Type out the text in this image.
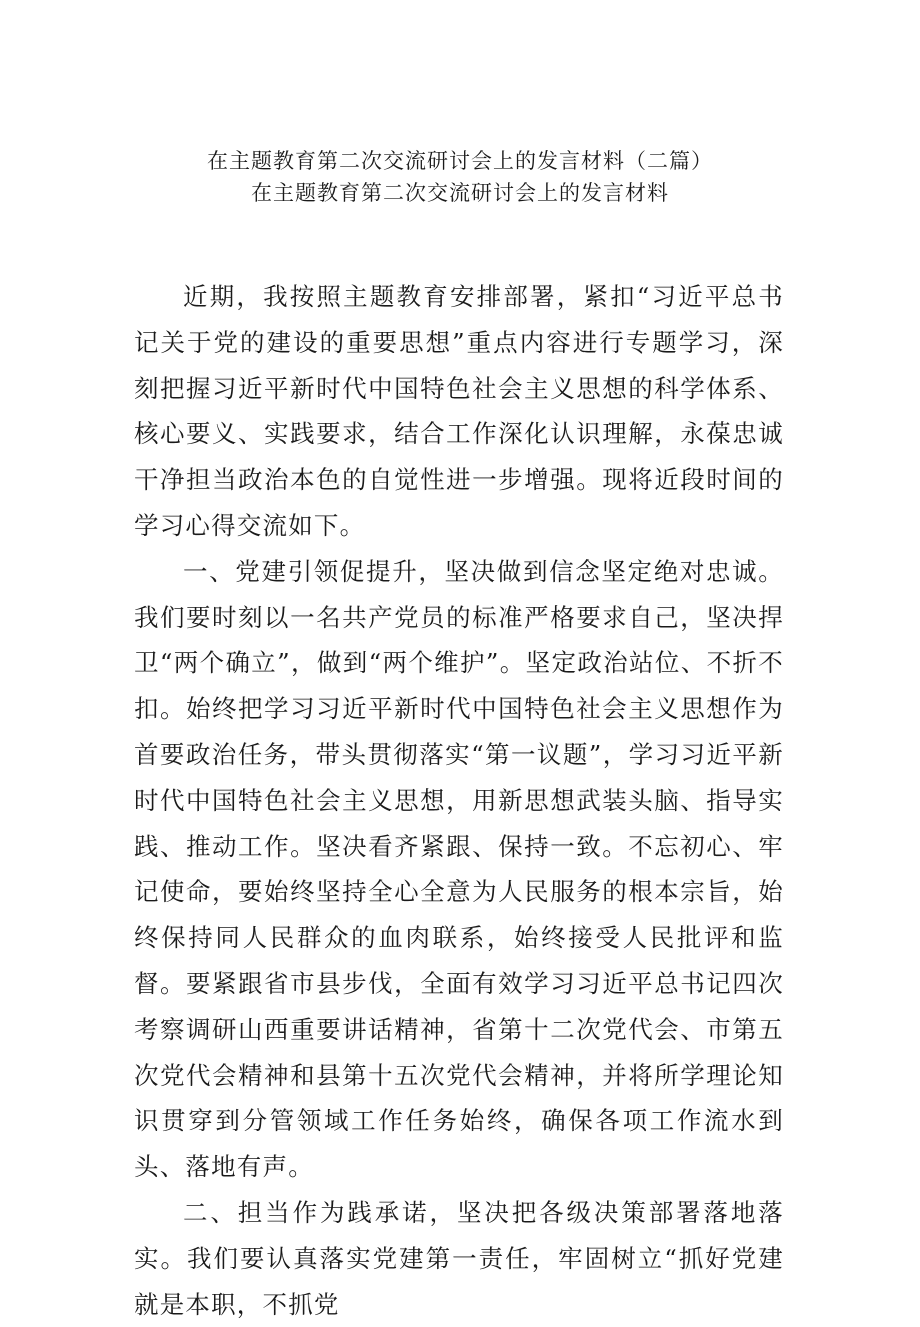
在主题教育第二次交流研讨会上的发言材料（二篇）
在主题教育第二次交流研讨会上的发言材料

近期，我按照主题教育安排部署，紧扣“习近平总书记关于党的建设的重要思想”重点内容进行专题学习，深刻把握习近平新时代中国特色社会主义思想的科学体系、核心要义、实践要求，结合工作深化认识理解，永葆忠诚干净担当政治本色的自觉性进一步增强。现将近段时间的学习心得交流如下。

一、党建引领促提升，坚决做到信念坚定绝对忠诚。我们要时刻以一名共产党员的标准严格要求自己，坚决捍卫“两个确立”，做到“两个维护”。坚定政治站位、不折不扣。始终把学习习近平新时代中国特色社会主义思想作为首要政治任务，带头贯彻落实“第一议题”，学习习近平新时代中国特色社会主义思想，用新思想武装头脑、指导实践、推动工作。坚决看齐紧跟、保持一致。不忘初心、牢记使命，要始终坚持全心全意为人民服务的根本宗旨，始终保持同人民群众的血肉联系，始终接受人民批评和监督。要紧跟省市县步伐，全面有效学习习近平总书记四次考察调研山西重要讲话精神，省第十二次党代会、市第五次党代会精神和县第十五次党代会精神，并将所学理论知识贯穿到分管领域工作任务始终，确保各项工作流水到头、落地有声。

二、担当作为践承诺，坚决把各级决策部署落地落实。我们要认真落实党建第一责任，牢固树立“抓好党建就是本职，不抓党
